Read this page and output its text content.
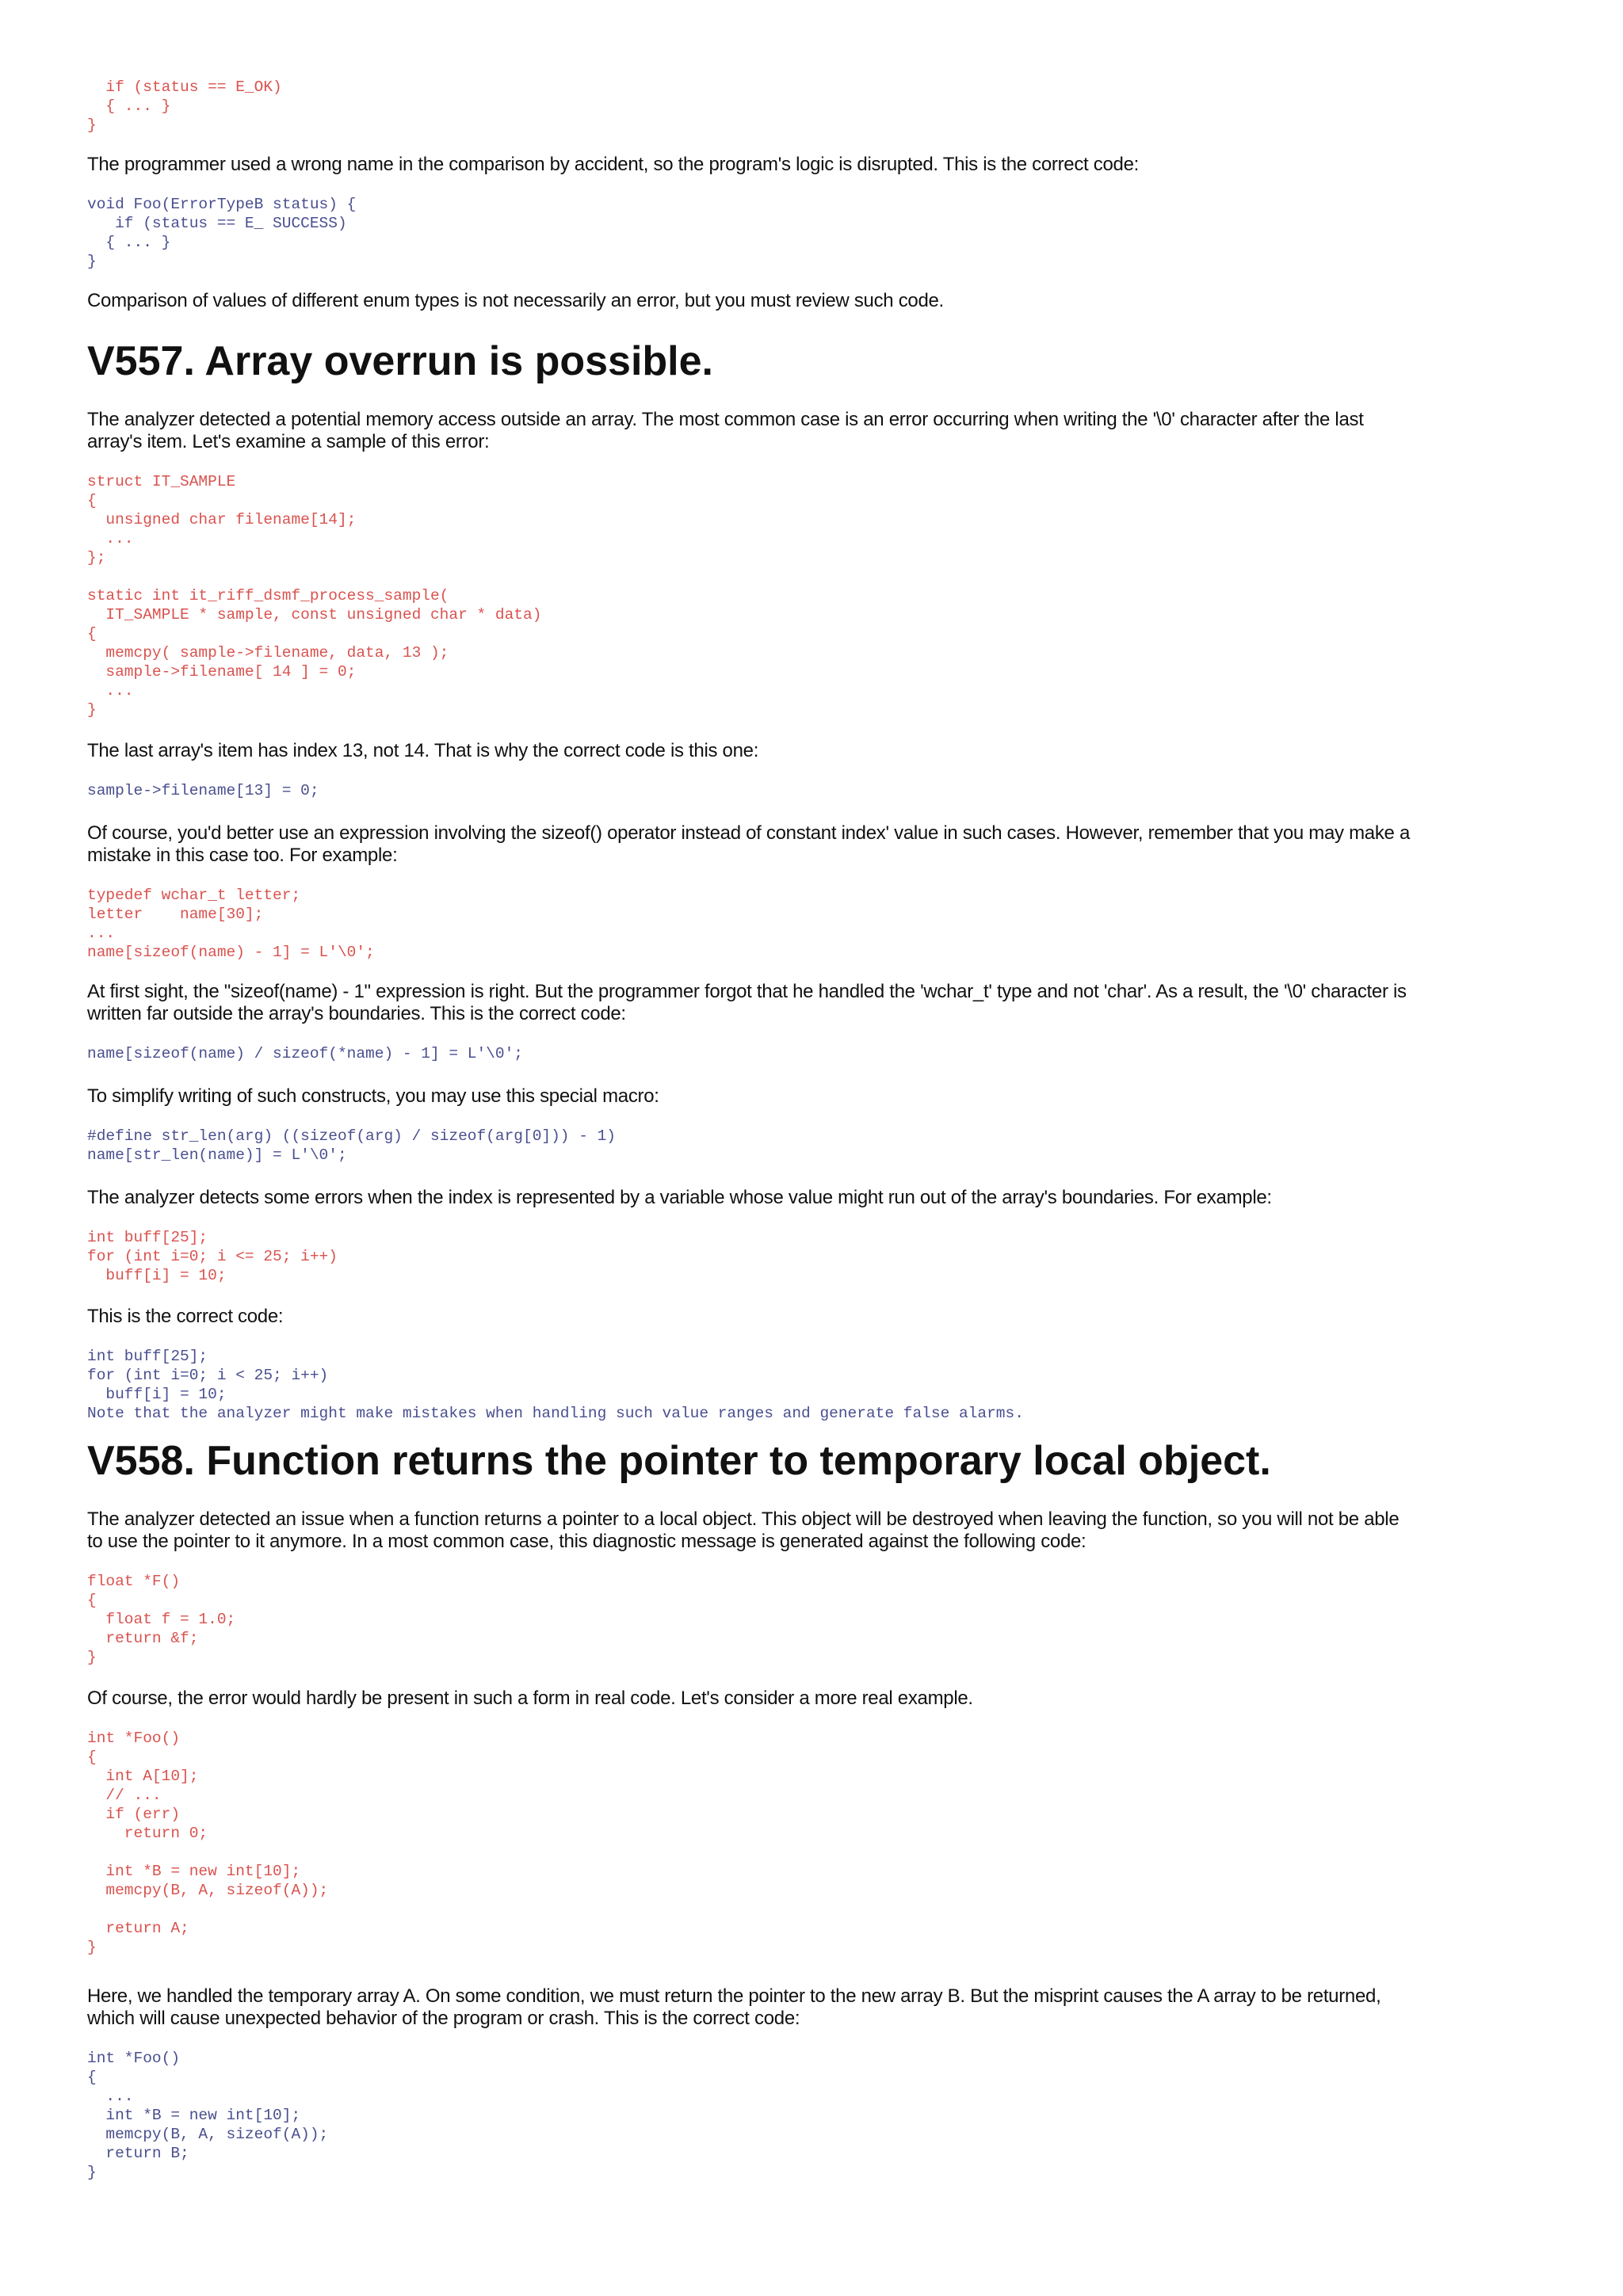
if (status == E_OK)
{ ... }
}

The programmer used a wrong name in the comparison by accident, so the program's logic is disrupted. This is the correct code:

void Foo(ErrorTypeB status) {
if (status == E_ SUCCESS)
{ ... }
}

Comparison of values of different enum types is not necessarily an error, but you must review such code.

V557. Array overrun is possible.

The analyzer detected a potential memory access outside an array. The most common case is an error occurring when writing the '\0' character after the last array's item. Let's examine a sample of this error:

struct IT_SAMPLE
{
unsigned char filename[14];
...
};

static int it_riff_dsmf_process_sample(
IT_SAMPLE * sample, const unsigned char * data)
{
memcpy( sample->filename, data, 13 );
sample->filename[ 14 ] = 0;
...
}

The last array's item has index 13, not 14. That is why the correct code is this one:

sample->filename[13] = 0;

Of course, you'd better use an expression involving the sizeof() operator instead of constant index' value in such cases. However, remember that you may make a mistake in this case too. For example:

typedef wchar_t letter;
letter    name[30];
...
name[sizeof(name) - 1] = L'\0';

At first sight, the "sizeof(name) - 1" expression is right. But the programmer forgot that he handled the 'wchar_t' type and not 'char'. As a result, the '\0' character is written far outside the array's boundaries. This is the correct code:

name[sizeof(name) / sizeof(*name) - 1] = L'\0';

To simplify writing of such constructs, you may use this special macro:

#define str_len(arg) ((sizeof(arg) / sizeof(arg[0])) - 1)
name[str_len(name)] = L'\0';

The analyzer detects some errors when the index is represented by a variable whose value might run out of the array's boundaries. For example:

int buff[25];
for (int i=0; i <= 25; i++)
buff[i] = 10;

This is the correct code:

int buff[25];
for (int i=0; i < 25; i++)
buff[i] = 10;
Note that the analyzer might make mistakes when handling such value ranges and generate false alarms.
V558. Function returns the pointer to temporary local object.

The analyzer detected an issue when a function returns a pointer to a local object. This object will be destroyed when leaving the function, so you will not be able to use the pointer to it anymore. In a most common case, this diagnostic message is generated against the following code:

float *F()
{
float f = 1.0;
return &f;
}

Of course, the error would hardly be present in such a form in real code. Let's consider a more real example.

int *Foo()
{
int A[10];
// ...
if (err)
return 0;

int *B = new int[10];
memcpy(B, A, sizeof(A));

return A;
}

Here, we handled the temporary array A. On some condition, we must return the pointer to the new array B. But the misprint causes the A array to be returned, which will cause unexpected behavior of the program or crash. This is the correct code:

int *Foo()
{
...
int *B = new int[10];
memcpy(B, A, sizeof(A));
return B;
}
